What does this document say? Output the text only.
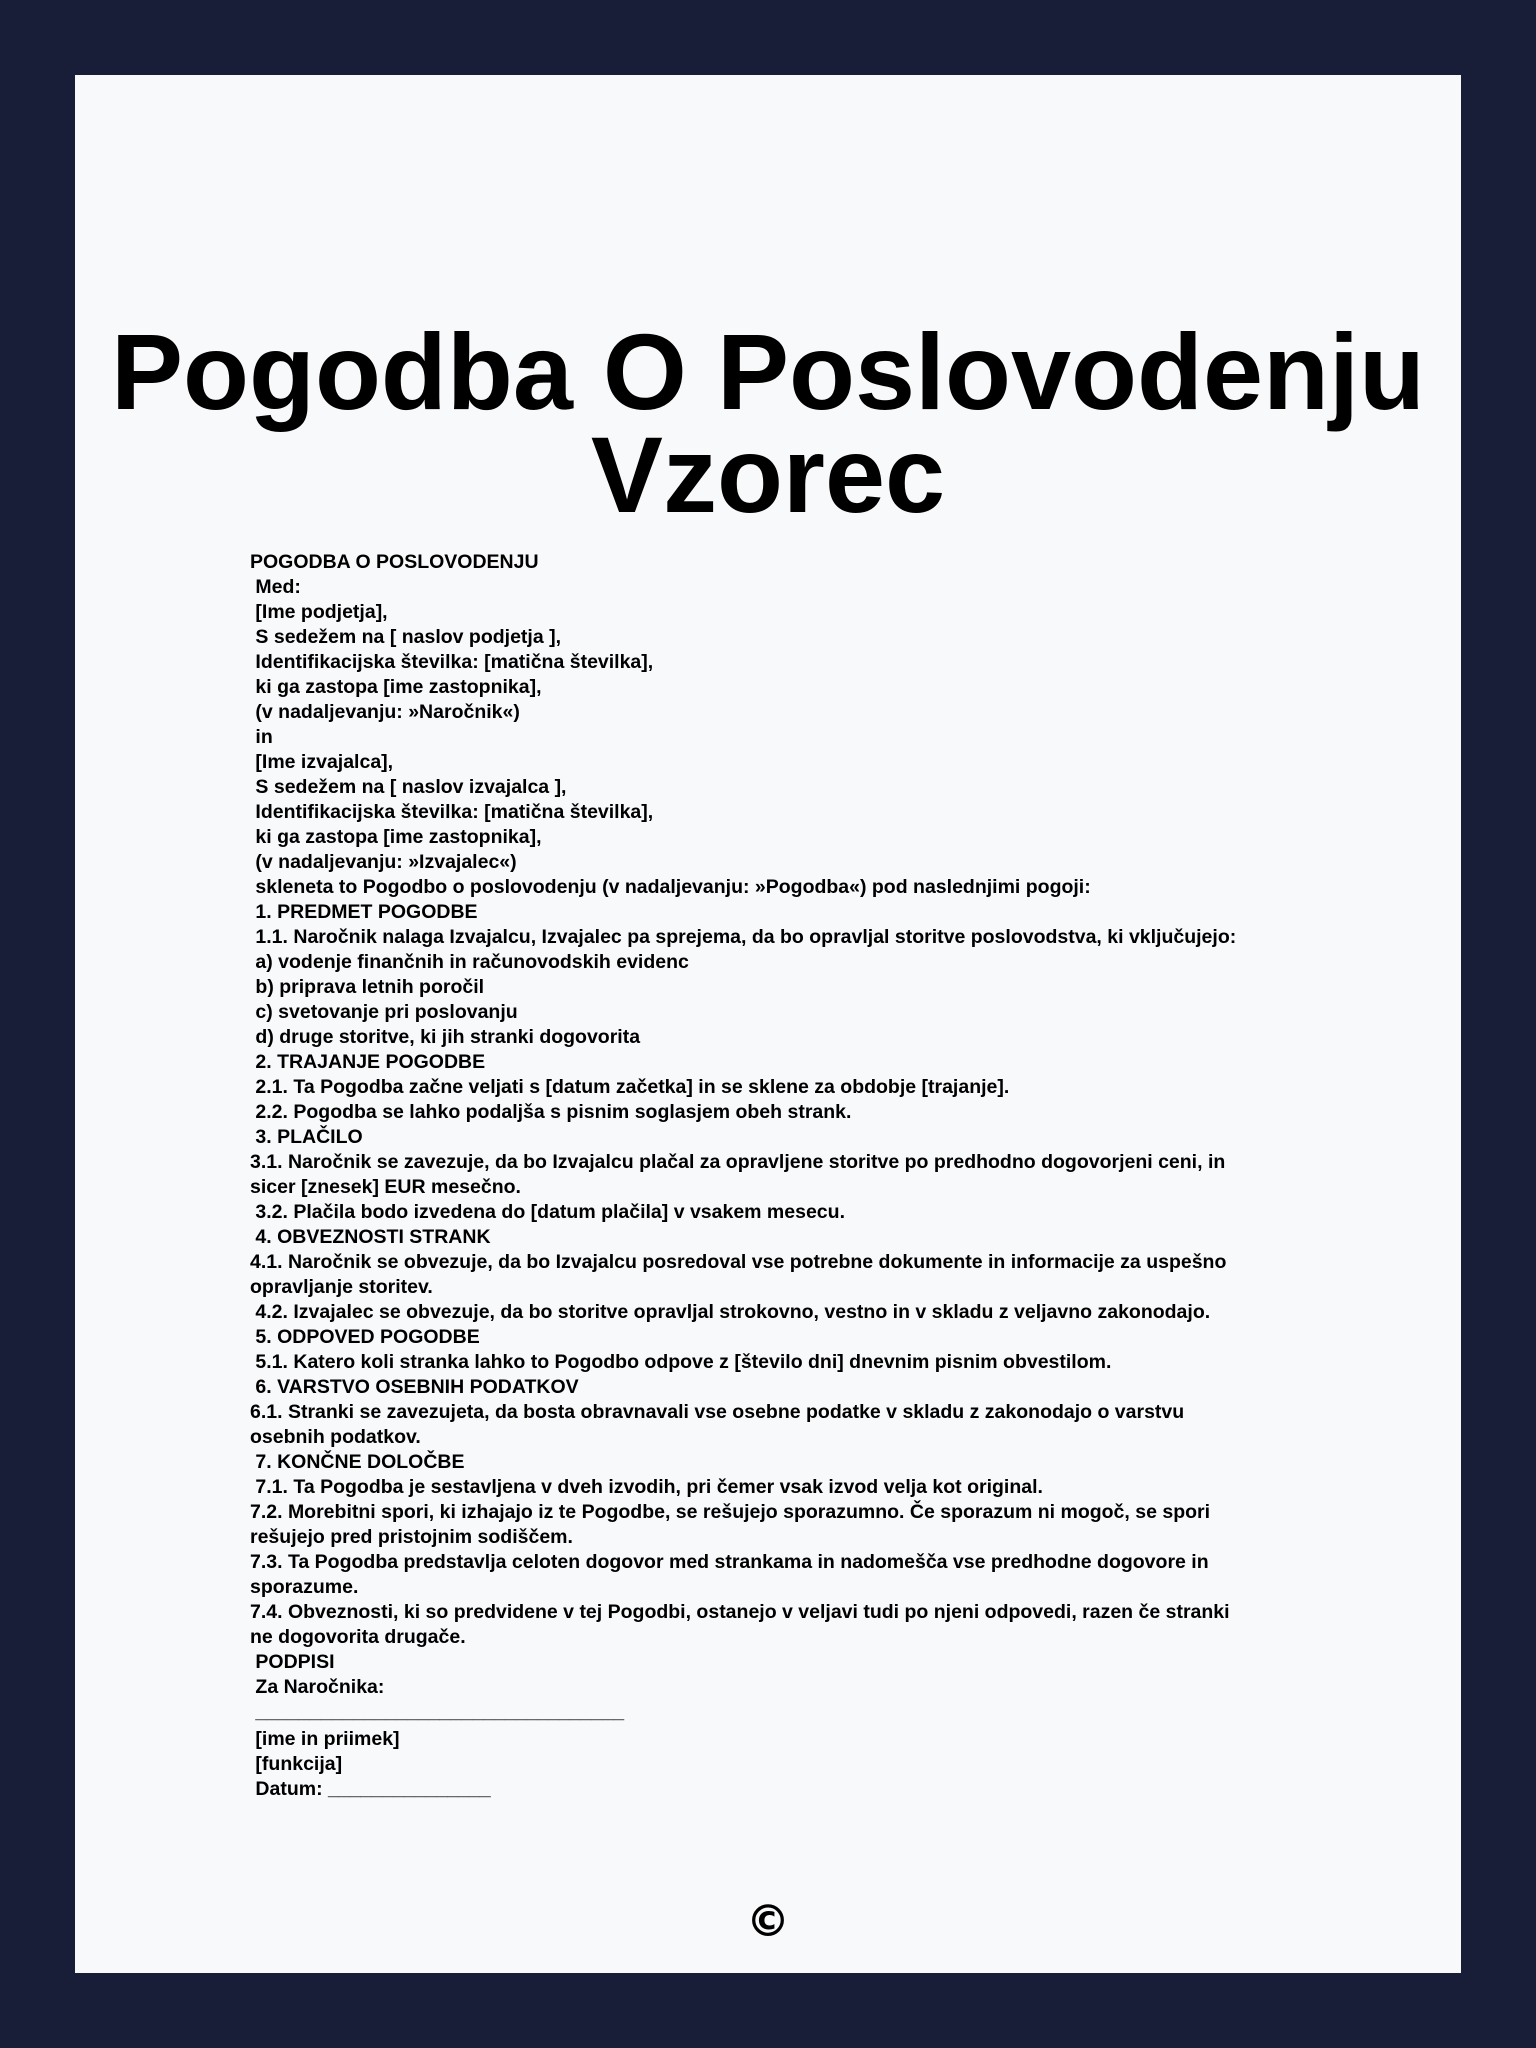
Pogodba O Poslovodenju Vzorec
POGODBA O POSLOVODENJU
Med:
[Ime podjetja],
S sedežem na [ naslov podjetja ],
Identifikacijska številka: [matična številka],
ki ga zastopa [ime zastopnika],
(v nadaljevanju: »Naročnik«)
in
[Ime izvajalca],
S sedežem na [ naslov izvajalca ],
Identifikacijska številka: [matična številka],
ki ga zastopa [ime zastopnika],
(v nadaljevanju: »Izvajalec«)
skleneta to Pogodbo o poslovodenju (v nadaljevanju: »Pogodba«) pod naslednjimi pogoji:
1. PREDMET POGODBE
1.1. Naročnik nalaga Izvajalcu, Izvajalec pa sprejema, da bo opravljal storitve poslovodstva, ki vključujejo:
a) vodenje finančnih in računovodskih evidenc
b) priprava letnih poročil
c) svetovanje pri poslovanju
d) druge storitve, ki jih stranki dogovorita
2. TRAJANJE POGODBE
2.1. Ta Pogodba začne veljati s [datum začetka] in se sklene za obdobje [trajanje].
2.2. Pogodba se lahko podaljša s pisnim soglasjem obeh strank.
3. PLAČILO
3.1. Naročnik se zavezuje, da bo Izvajalcu plačal za opravljene storitve po predhodno dogovorjeni ceni, in
sicer [znesek] EUR mesečno.
3.2. Plačila bodo izvedena do [datum plačila] v vsakem mesecu.
4. OBVEZNOSTI STRANK
4.1. Naročnik se obvezuje, da bo Izvajalcu posredoval vse potrebne dokumente in informacije za uspešno
opravljanje storitev.
4.2. Izvajalec se obvezuje, da bo storitve opravljal strokovno, vestno in v skladu z veljavno zakonodajo.
5. ODPOVED POGODBE
5.1. Katero koli stranka lahko to Pogodbo odpove z [število dni] dnevnim pisnim obvestilom.
6. VARSTVO OSEBNIH PODATKOV
6.1. Stranki se zavezujeta, da bosta obravnavali vse osebne podatke v skladu z zakonodajo o varstvu
osebnih podatkov.
7. KONČNE DOLOČBE
7.1. Ta Pogodba je sestavljena v dveh izvodih, pri čemer vsak izvod velja kot original.
7.2. Morebitni spori, ki izhajajo iz te Pogodbe, se rešujejo sporazumno. Če sporazum ni mogoč, se spori
rešujejo pred pristojnim sodiščem.
7.3. Ta Pogodba predstavlja celoten dogovor med strankama in nadomešča vse predhodne dogovore in
sporazume.
7.4. Obveznosti, ki so predvidene v tej Pogodbi, ostanejo v veljavi tudi po njeni odpovedi, razen če stranki
ne dogovorita drugače.
PODPISI
Za Naročnika:
__________________________________
[ime in priimek]
[funkcija]
Datum: _______________
©
